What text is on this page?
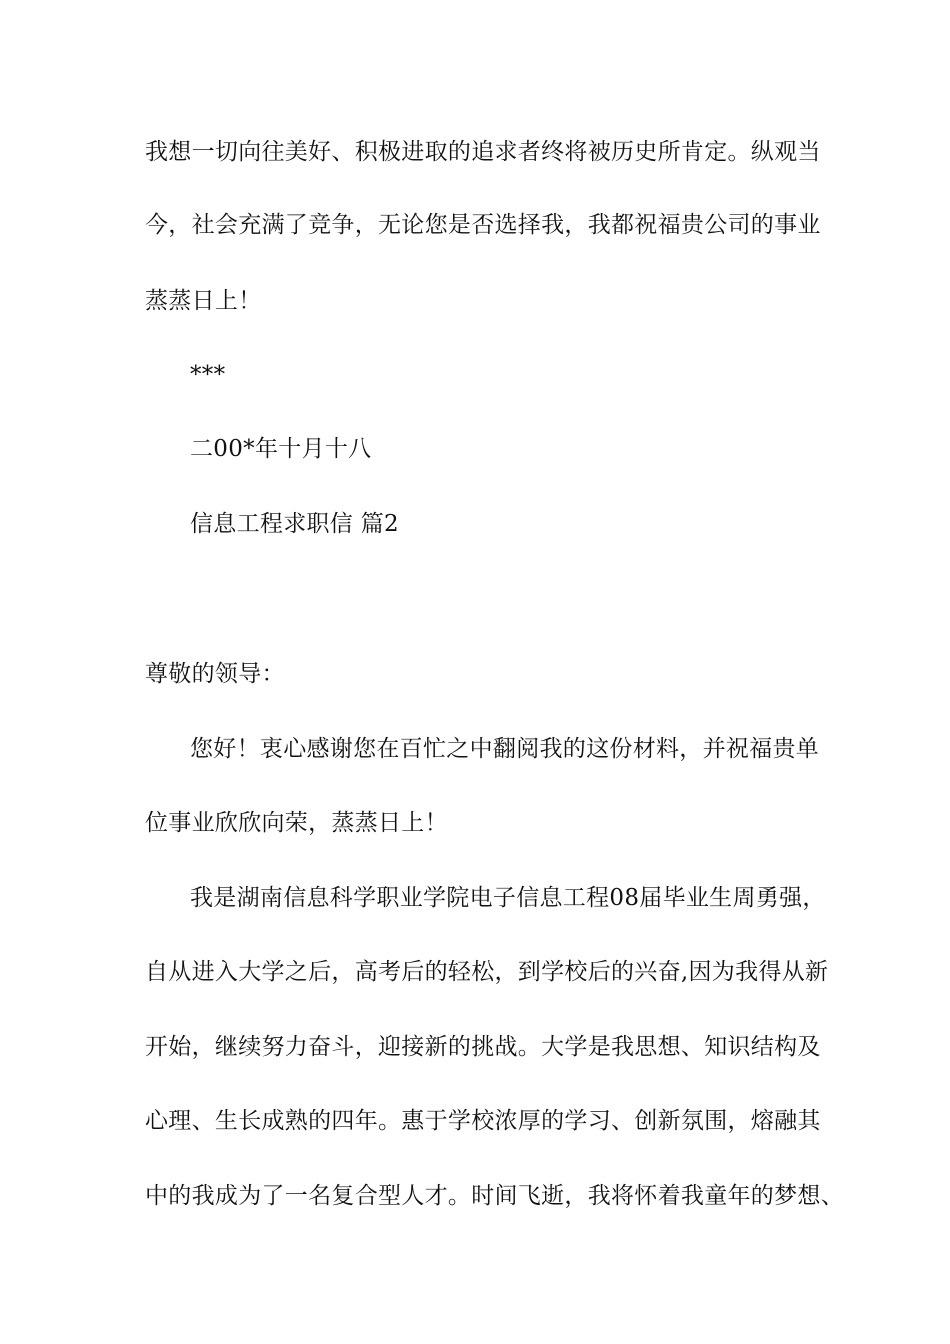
我想一切向往美好、积极进取的追求者终将被历史所肯定。纵观当
今，社会充满了竞争，无论您是否选择我，我都祝福贵公司的事业
蒸蒸日上！
***
二00*年十月十八
信息工程求职信 篇2
尊敬的领导：
您好！衷心感谢您在百忙之中翻阅我的这份材料，并祝福贵单
位事业欣欣向荣，蒸蒸日上！
我是湖南信息科学职业学院电子信息工程08届毕业生周勇强，
自从进入大学之后，高考后的轻松，到学校后的兴奋,因为我得从新
开始，继续努力奋斗，迎接新的挑战。大学是我思想、知识结构及
心理、生长成熟的四年。惠于学校浓厚的学习、创新氛围，熔融其
中的我成为了一名复合型人才。时间飞逝，我将怀着我童年的梦想、
